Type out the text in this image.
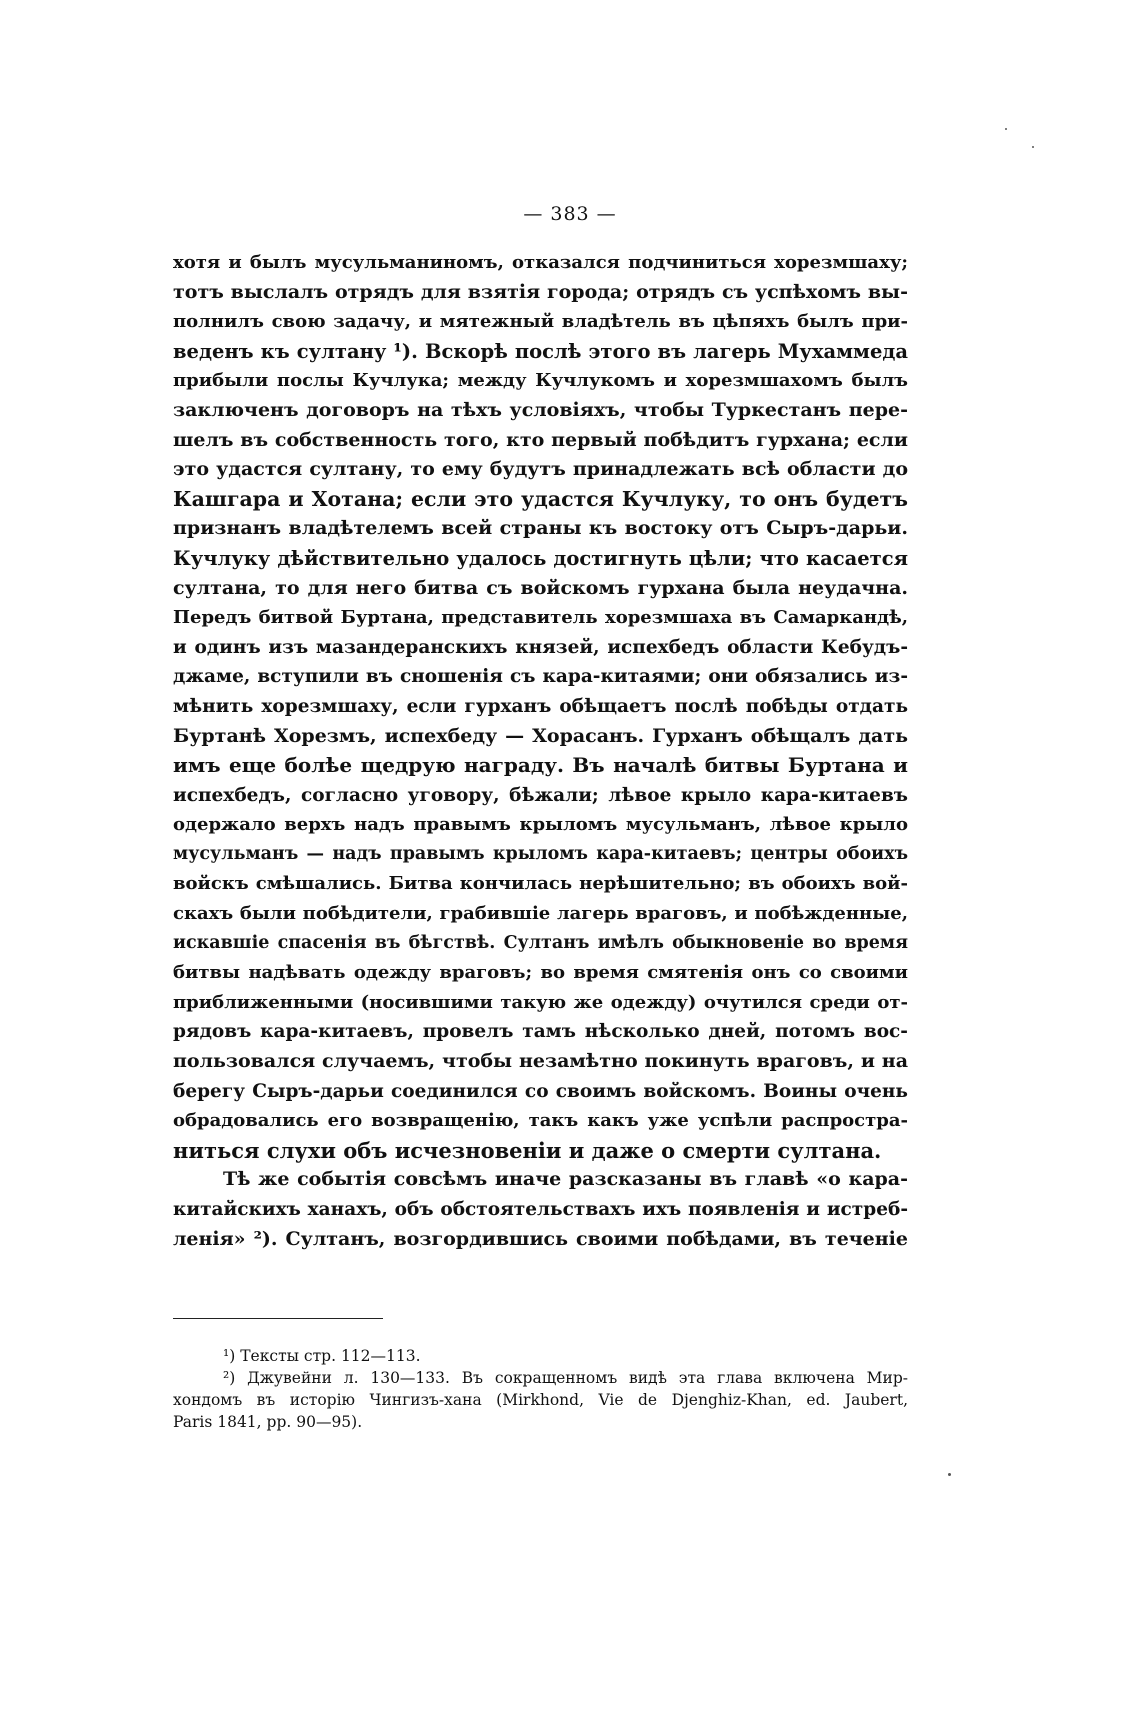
— 383 —
хотя и былъ мусульманиномъ, отказался подчиниться хорезмшаху;
тотъ выслалъ отрядъ для взятія города; отрядъ съ успѣхомъ вы-
полнилъ свою задачу, и мятежный владѣтель въ цѣпяхъ былъ при-
веденъ къ султану ¹). Вскорѣ послѣ этого въ лагерь Мухаммеда
прибыли послы Кучлука; между Кучлукомъ и хорезмшахомъ былъ
заключенъ договоръ на тѣхъ условіяхъ, чтобы Туркестанъ пере-
шелъ въ собственность того, кто первый побѣдитъ гурхана; если
это удастся султану, то ему будутъ принадлежать всѣ области до
Кашгара и Хотана; если это удастся Кучлуку, то онъ будетъ
признанъ владѣтелемъ всей страны къ востоку отъ Сыръ-дарьи.
Кучлуку дѣйствительно удалось достигнуть цѣли; что касается
султана, то для него битва съ войскомъ гурхана была неудачна.
Передъ битвой Буртана, представитель хорезмшаха въ Самаркандѣ,
и одинъ изъ мазандеранскихъ князей, испехбедъ области Кебудъ-
джаме, вступили въ сношенія съ кара-китаями; они обязались из-
мѣнить хорезмшаху, если гурханъ обѣщаетъ послѣ побѣды отдать
Буртанѣ Хорезмъ, испехбеду — Хорасанъ. Гурханъ обѣщалъ дать
имъ еще болѣе щедрую награду. Въ началѣ битвы Буртана и
испехбедъ, согласно уговору, бѣжали; лѣвое крыло кара-китаевъ
одержало верхъ надъ правымъ крыломъ мусульманъ, лѣвое крыло
мусульманъ — надъ правымъ крыломъ кара-китаевъ; центры обоихъ
войскъ смѣшались. Битва кончилась нерѣшительно; въ обоихъ вой-
скахъ были побѣдители, грабившіе лагерь враговъ, и побѣжденные,
искавшіе спасенія въ бѣгствѣ. Султанъ имѣлъ обыкновеніе во время
битвы надѣвать одежду враговъ; во время смятенія онъ со своими
приближенными (носившими такую же одежду) очутился среди от-
рядовъ кара-китаевъ, провелъ тамъ нѣсколько дней, потомъ вос-
пользовался случаемъ, чтобы незамѣтно покинуть враговъ, и на
берегу Сыръ-дарьи соединился со своимъ войскомъ. Воины очень
обрадовались его возвращенію, такъ какъ уже успѣли распростра-
ниться слухи объ исчезновеніи и даже о смерти султана.
Тѣ же событія совсѣмъ иначе разсказаны въ главѣ «о кара-
китайскихъ ханахъ, объ обстоятельствахъ ихъ появленія и истреб-
ленія» ²). Султанъ, возгордившись своими побѣдами, въ теченіе
¹) Тексты стр. 112—113.
²) Джувейни л. 130—133. Въ сокращенномъ видѣ эта глава включена Мир-
хондомъ въ исторію Чингизъ-хана (Mirkhond, Vie de Djenghiz-Khan, ed. Jaubert,
Paris 1841, pp. 90—95).
